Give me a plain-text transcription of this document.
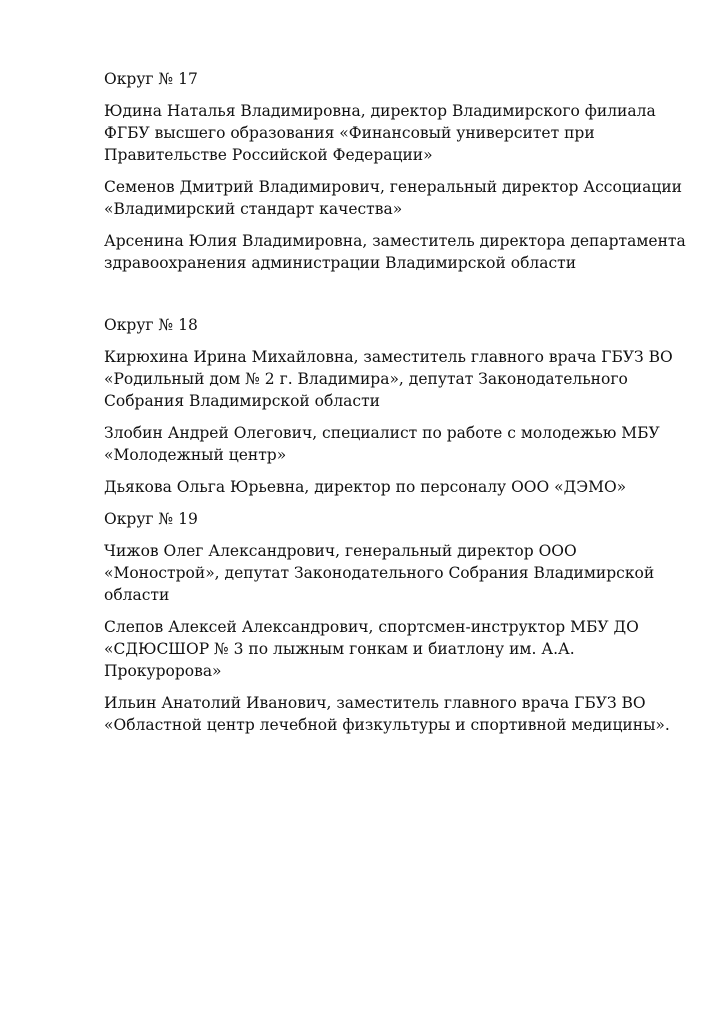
Округ № 17
Юдина Наталья Владимировна, директор Владимирского филиала
ФГБУ высшего образования «Финансовый университет при
Правительстве Российской Федерации»
Семенов Дмитрий Владимирович, генеральный директор Ассоциации
«Владимирский стандарт качества»
Арсенина Юлия Владимировна, заместитель директора департамента
здравоохранения администрации Владимирской области
Округ № 18
Кирюхина Ирина Михайловна, заместитель главного врача ГБУЗ ВО
«Родильный дом № 2 г. Владимира», депутат Законодательного
Собрания Владимирской области
Злобин Андрей Олегович, специалист по работе с молодежью МБУ
«Молодежный центр»
Дьякова Ольга Юрьевна, директор по персоналу ООО «ДЭМО»
Округ № 19
Чижов Олег Александрович, генеральный директор ООО
«Монострой», депутат Законодательного Собрания Владимирской
области
Слепов Алексей Александрович, спортсмен-инструктор МБУ ДО
«СДЮСШОР № 3 по лыжным гонкам и биатлону им. А.А.
Прокуророва»
Ильин Анатолий Иванович, заместитель главного врача ГБУЗ ВО
«Областной центр лечебной физкультуры и спортивной медицины».
